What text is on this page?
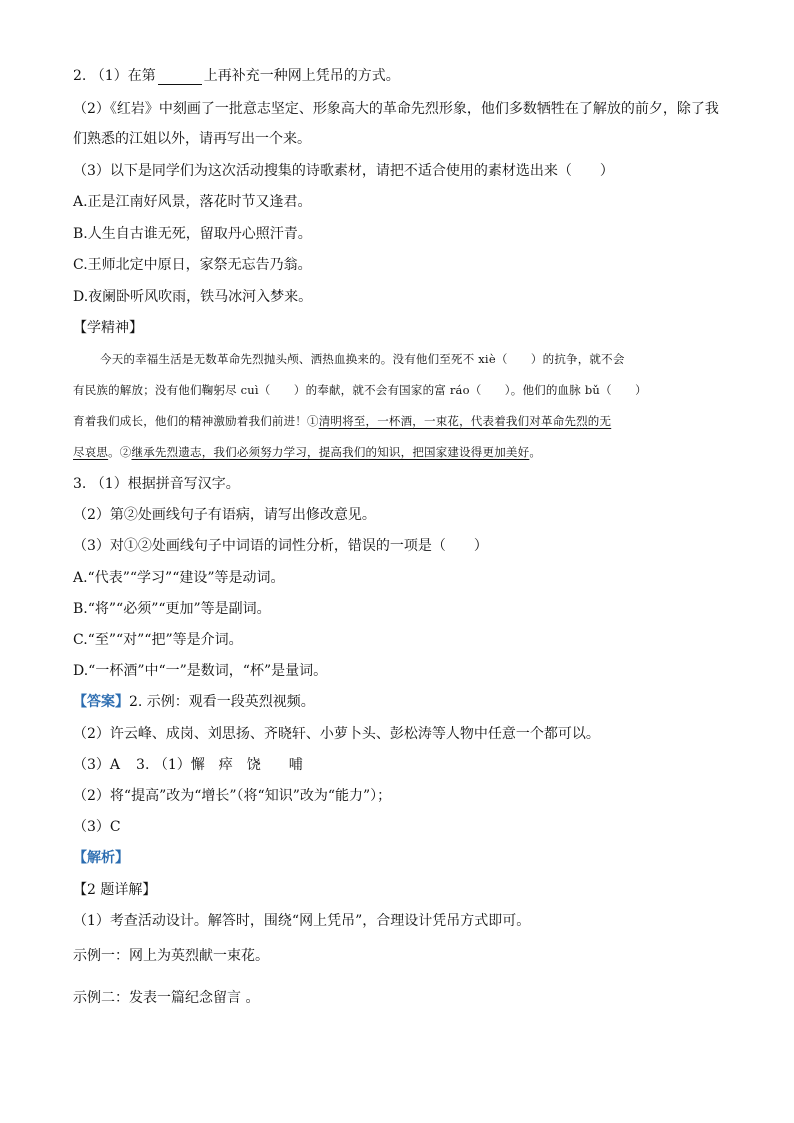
2. （1）在第	上再补充一种网上凭吊的方式。
（2）《红岩》中刻画了一批意志坚定、形象高大的革命先烈形象，他们多数牺牲在了解放的前夕，除了我
们熟悉的江姐以外，请再写出一个来。
（3）以下是同学们为这次活动搜集的诗歌素材，请把不适合使用的素材选出来（　　）
A.正是江南好风景，落花时节又逢君。
B.人生自古谁无死，留取丹心照汗青。
C.王师北定中原日，家祭无忘告乃翁。
D.夜阑卧听风吹雨，铁马冰河入梦来。
【学精神】
今天的幸福生活是无数革命先烈抛头颅、洒热血换来的。没有他们至死不 xiè（　　）的抗争，就不会
有民族的解放；没有他们鞠躬尽 cuì（　　）的奉献，就不会有国家的富 ráo（　　）。他们的血脉 bǔ（　　）
育着我们成长，他们的精神激励着我们前进！①清明将至，一杯酒，一束花，代表着我们对革命先烈的无
尽哀思。②继承先烈遗志，我们必须努力学习，提高我们的知识，把国家建设得更加美好。
3. （1）根据拼音写汉字。
（2）第②处画线句子有语病，请写出修改意见。
（3）对①②处画线句子中词语的词性分析，错误的一项是（　　）
A.“代表”“学习”“建设”等是动词。
B.“将”“必须”“更加”等是副词。
C.“至”“对”“把”等是介词。
D.“一杯酒”中“一”是数词，“杯”是量词。
【答案】2. 示例：观看一段英烈视频。
（2）许云峰、成岗、刘思扬、齐晓轩、小萝卜头、彭松涛等人物中任意一个都可以。
（3）A 3. （1）懈　瘁　饶　　哺
（2）将“提高”改为“增长”（将“知识”改为“能力”）；
（3）C
【解析】
【2 题详解】
（1）考查活动设计。解答时，围绕“网上凭吊”，合理设计凭吊方式即可。
示例一：网上为英烈献一束花。
示例二：发表一篇纪念留言 。
